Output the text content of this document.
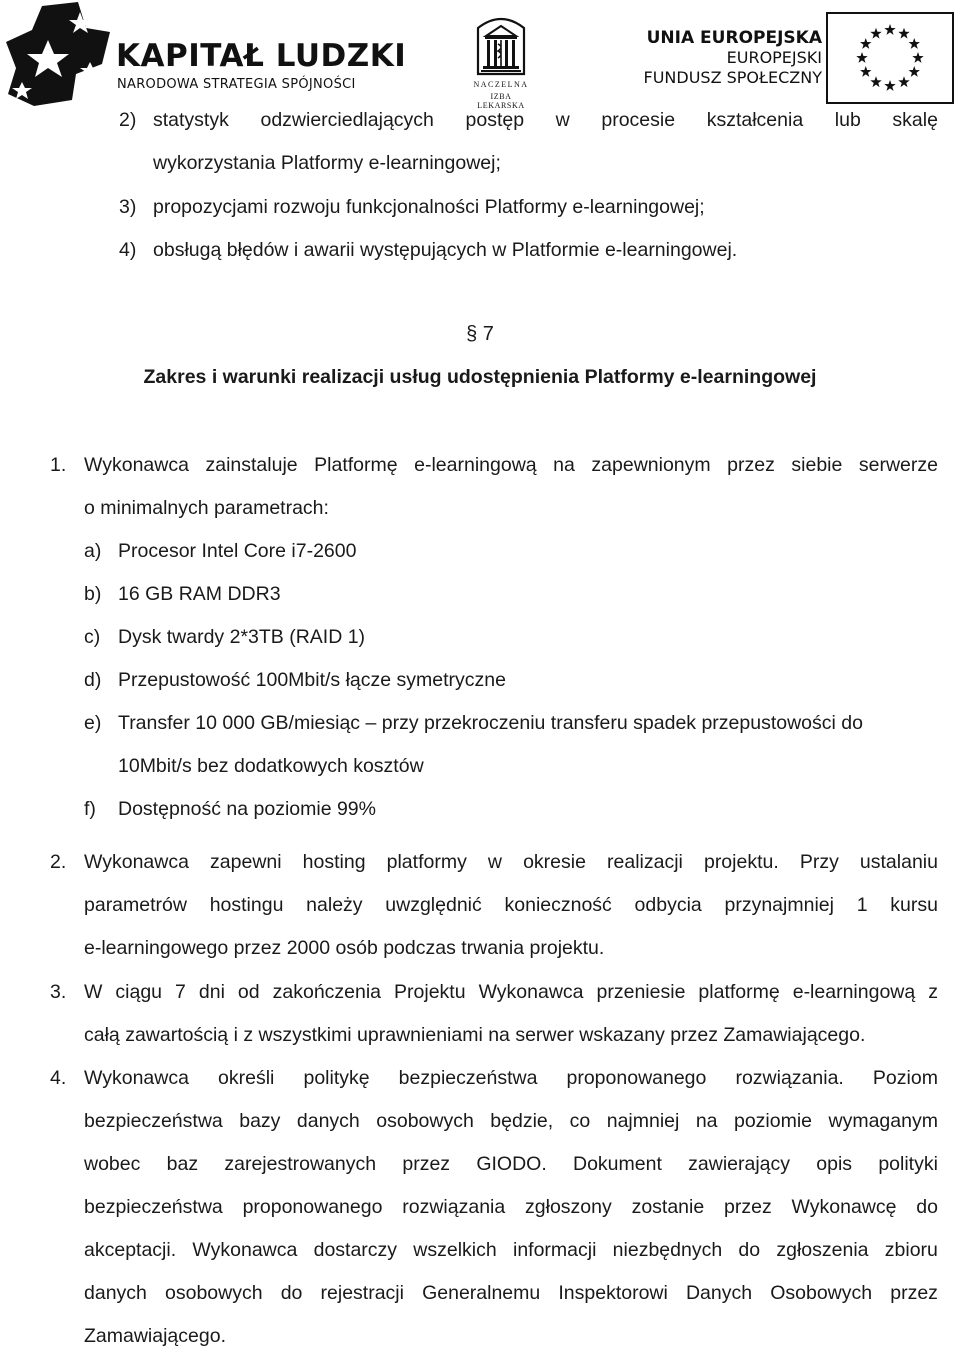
KAPITAŁ LUDZKI
NARODOWA STRATEGIA SPÓJNOŚCI	NACZELNA
IZBA LEKARSKA
UNIA EUROPEJSKA
EUROPEJSKI
FUNDUSZ SPOŁECZNY
2) statystyk odzwierciedlających postęp w procesie kształcenia lub skalę
wykorzystania Platformy e-learningowej;
3) propozycjami rozwoju funkcjonalności Platformy e-learningowej;
4) obsługą błędów i awarii występujących w Platformie e-learningowej.
§ 7
Zakres i warunki realizacji usług udostępnienia Platformy e-learningowej
1. Wykonawca zainstaluje Platformę e-learningową na zapewnionym przez siebie serwerze
o minimalnych parametrach:
a) Procesor Intel Core i7-2600
b) 16 GB RAM DDR3
c) Dysk twardy 2*3TB (RAID 1)
d) Przepustowość 100Mbit/s łącze symetryczne
e) Transfer 10 000 GB/miesiąc – przy przekroczeniu transferu spadek przepustowości do
10Mbit/s bez dodatkowych kosztów
f) Dostępność na poziomie 99%
2. Wykonawca zapewni hosting platformy w okresie realizacji projektu. Przy ustalaniu
parametrów hostingu należy uwzględnić konieczność odbycia przynajmniej 1 kursu
e-learningowego przez 2000 osób podczas trwania projektu.
3. W ciągu 7 dni od zakończenia Projektu Wykonawca przeniesie platformę e-learningową z
całą zawartością i z wszystkimi uprawnieniami na serwer wskazany przez Zamawiającego.
4. Wykonawca określi politykę bezpieczeństwa proponowanego rozwiązania. Poziom
bezpieczeństwa bazy danych osobowych będzie, co najmniej na poziomie wymaganym
wobec baz zarejestrowanych przez GIODO. Dokument zawierający opis polityki
bezpieczeństwa proponowanego rozwiązania zgłoszony zostanie przez Wykonawcę do
akceptacji. Wykonawca dostarczy wszelkich informacji niezbędnych do zgłoszenia zbioru
danych osobowych do rejestracji Generalnemu Inspektorowi Danych Osobowych przez
Zamawiającego.
